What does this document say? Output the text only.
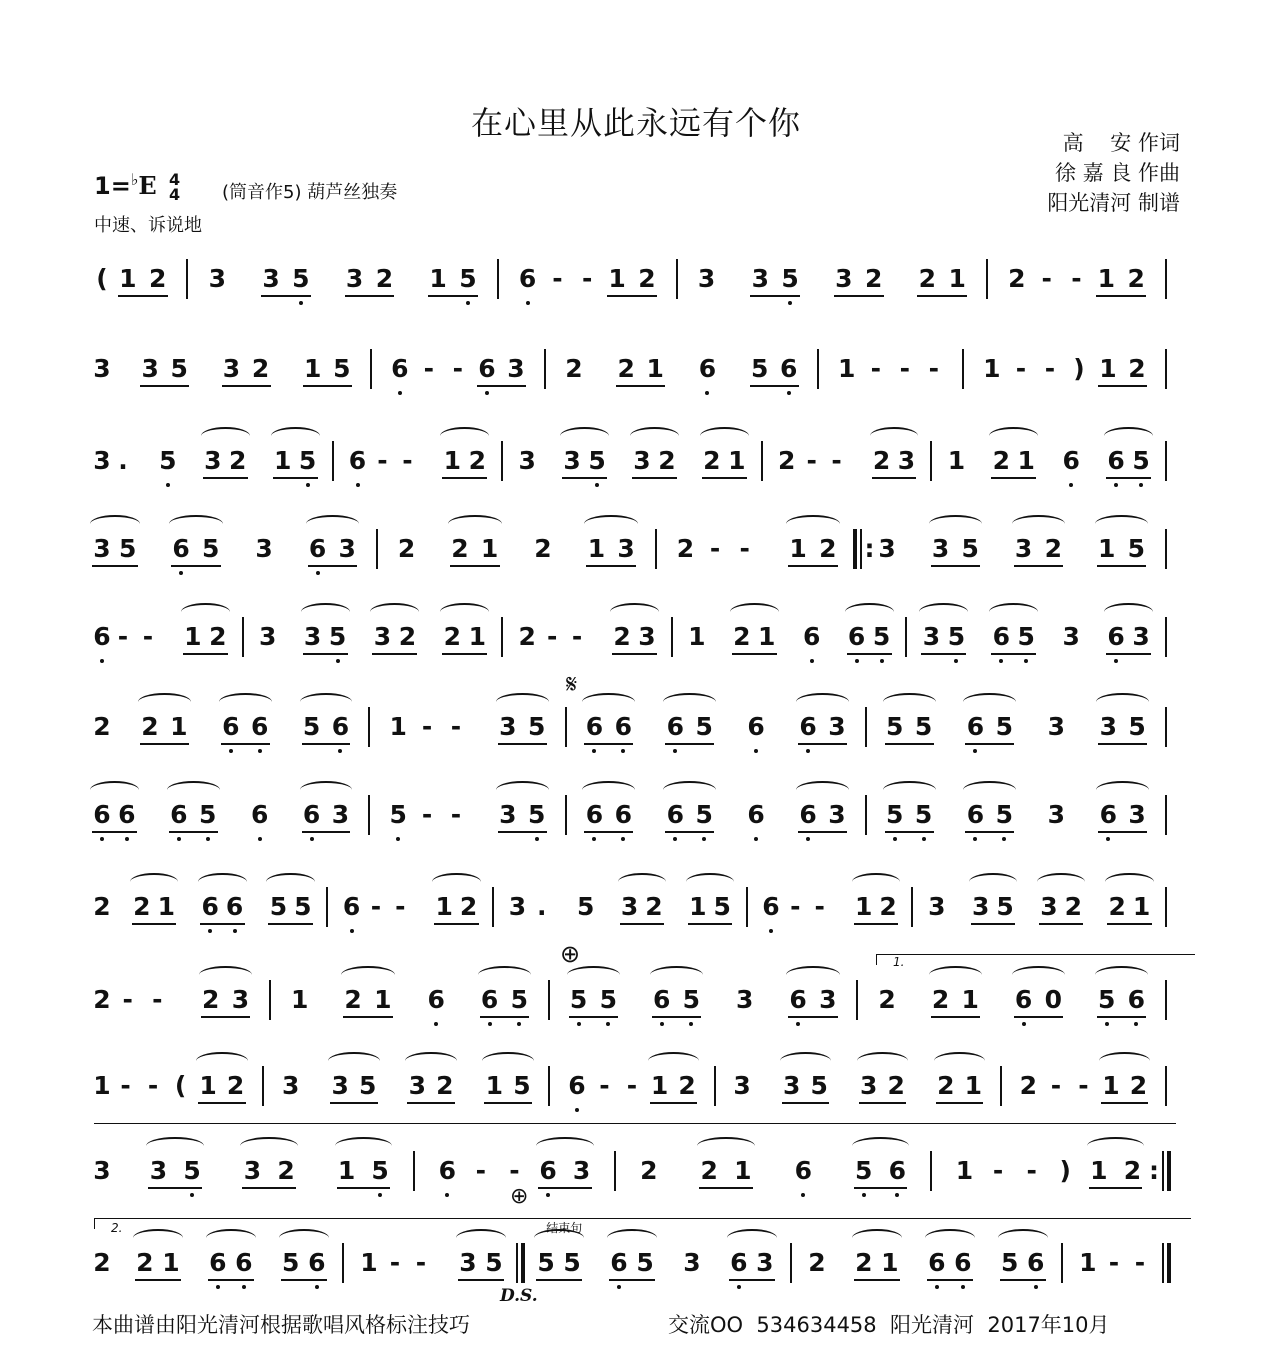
在心里从此永远有个你
高    安 作词
徐 嘉 良 作曲
阳光清河 制谱
1=♭E 4
4 (筒音作5) 葫芦丝独奏
中速、诉说地
( 1 2 3 3 5 3 2 1 5 6 - - 1 2 3 3 5 3 2 2 1 2 - - 1 2
3 3 5 3 2 1 5 6 - - 6 3 2 2 1 6 5 6 1 - - - 1 - - ) 1 2
3 . 5 3 2 1 5 6 - - 1 2 3 3 5 3 2 2 1 2 - - 2 3 1 2 1 6 6 5
3 5 6 5 3 6 3 2 2 1 2 1 3 2 - - 1 2 : 3 3 5 3 2 1 5
6 - - 1 2 3 3 5 3 2 2 1 2 - - 2 3 1 2 1 6 6 5 3 5 6 5 3 6 3
2 2 1 6 6 5 6 1 - - 3 5 6 6 6 5 6 6 3 5 5 6 5 3 3 5
6 6 6 5 6 6 3 5 - - 3 5 6 6 6 5 6 6 3 5 5 6 5 3 6 3
2 2 1 6 6 5 5 6 - - 1 2 3 . 5 3 2 1 5 6 - - 1 2 3 3 5 3 2 2 1
2 - - 2 3 1 2 1 6 6 5 5 5 6 5 3 6 3 2 2 1 6 0 5 6
1 - - ( 1 2 3 3 5 3 2 1 5 6 - - 1 2 3 3 5 3 2 2 1 2 - - 1 2
3 3 5 3 2 1 5 6 - - 6 3 2 2 1 6 5 6 1 - - ) 1 2 :
2 2 1 6 6 5 6 1 - - 3 5 5 5 6 5 3 6 3 2 2 1 6 6 5 6 1 - -
1.
2.	结束句
𝄋
⊕
⊕
D.S.
本曲谱由阳光清河根据歌唱风格标注技巧	交流OO  534634458  阳光清河  2017年10月
